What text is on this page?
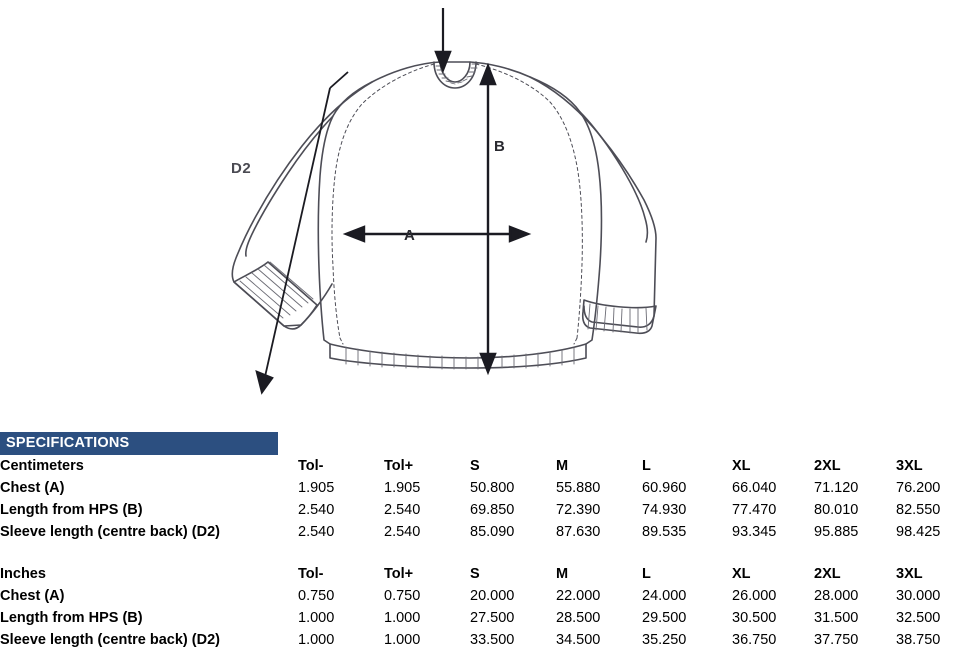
D2
A
B
SPECIFICATIONS
Centimeters	Tol-	Tol+	S	M	L	XL	2XL	3XL
Chest (A)	1.905	1.905	50.800	55.880	60.960	66.040	71.120	76.200
Length from HPS (B)	2.540	2.540	69.850	72.390	74.930	77.470	80.010	82.550
Sleeve length (centre back) (D2)	2.540	2.540	85.090	87.630	89.535	93.345	95.885	98.425

Inches	Tol-	Tol+	S	M	L	XL	2XL	3XL
Chest (A)	0.750	0.750	20.000	22.000	24.000	26.000	28.000	30.000
Length from HPS (B)	1.000	1.000	27.500	28.500	29.500	30.500	31.500	32.500
Sleeve length (centre back) (D2)	1.000	1.000	33.500	34.500	35.250	36.750	37.750	38.750
